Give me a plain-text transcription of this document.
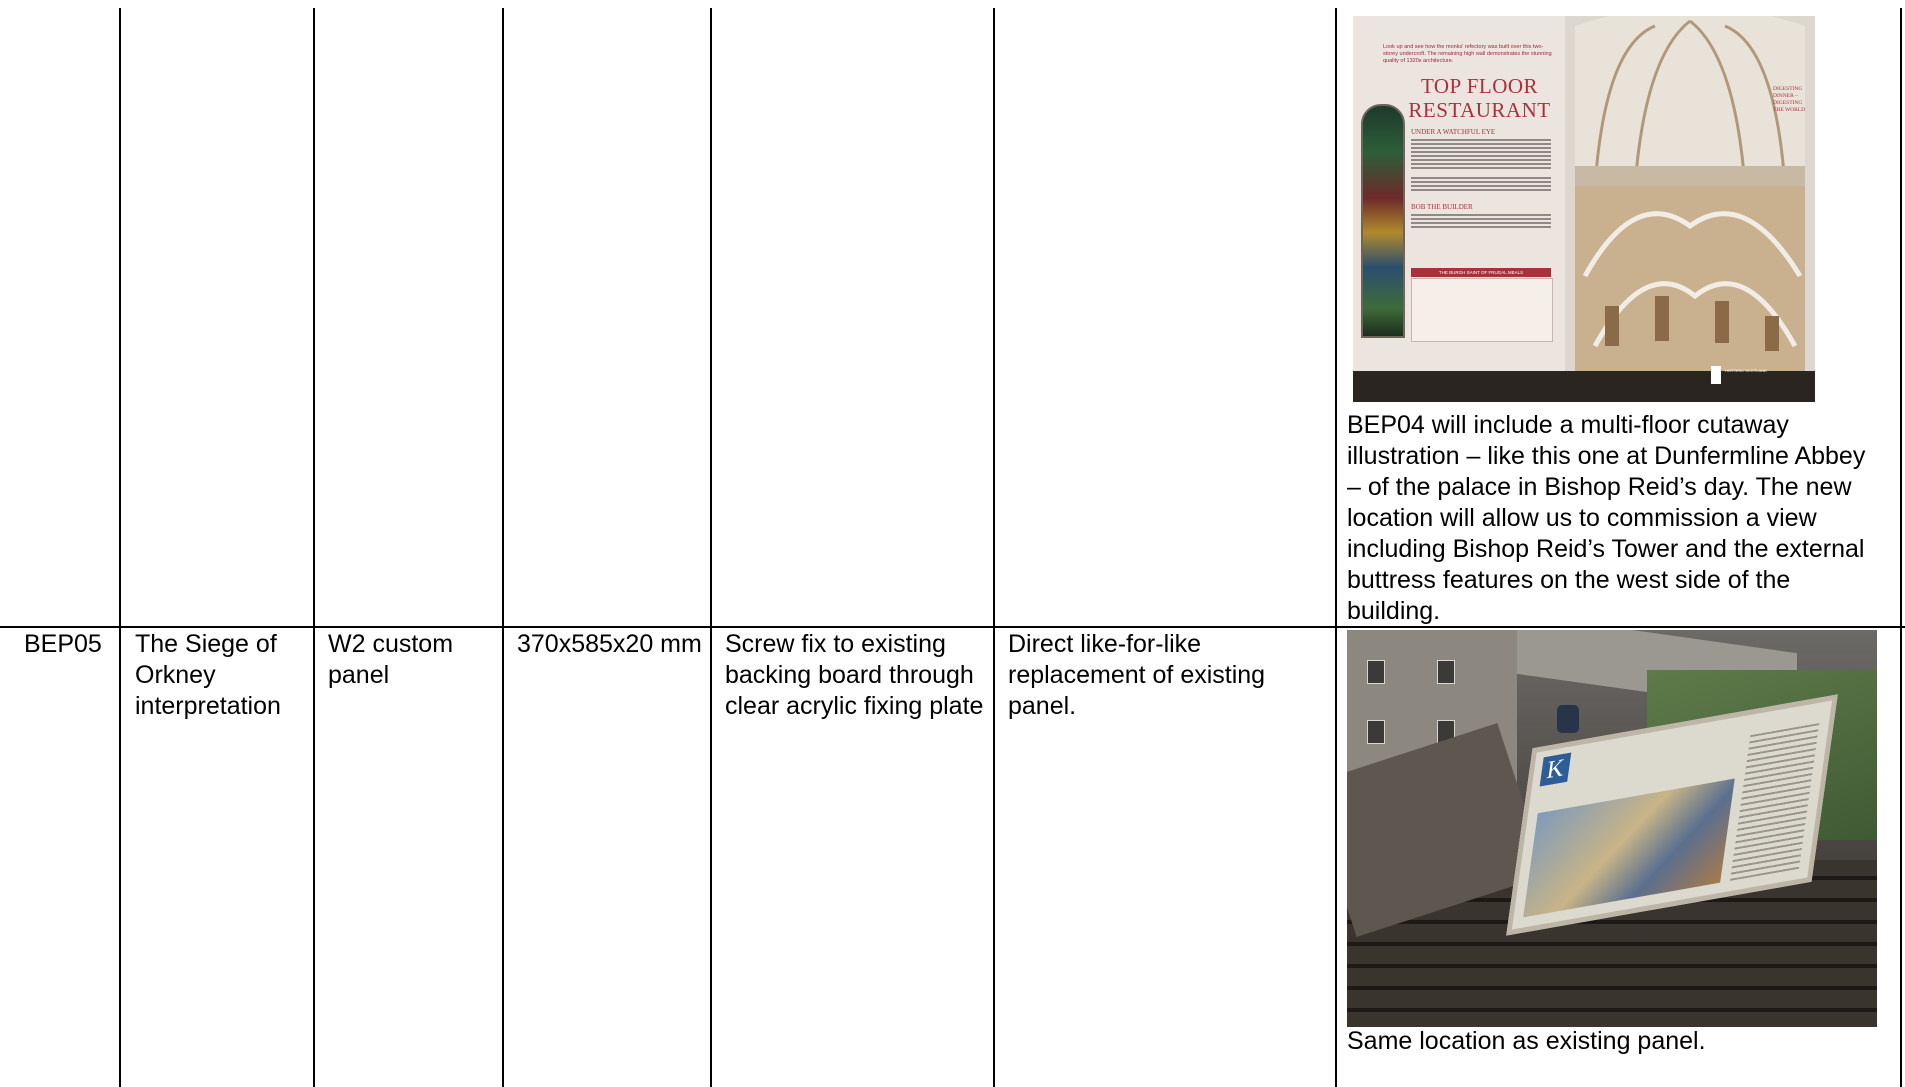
Look up and see how the monks' refectory was built over this two-storey undercroft. The remaining high wall demonstrates the stunning quality of 1320s architecture.
TOP FLOOR RESTAURANT
UNDER A WATCHFUL EYE
BOB THE BUILDER
THE BURGH SAINT OF FRUGAL MEALS
DIGESTING DINNER – DIGESTING THE WORLD
HISTORIC SCOTLAND
BEP04 will include a multi-floor cutaway illustration – like this one at Dunfermline Abbey – of the palace in Bishop Reid’s day. The new location will allow us to commission a view including Bishop Reid’s Tower and the external buttress features on the west side of the building.
BEP05	The Siege of Orkney interpretation
W2 custom panel
370x585x20 mm Screw fix to existing backing board through clear acrylic fixing plate
Direct like-for-like replacement of existing panel.
K
Same location as existing panel.
